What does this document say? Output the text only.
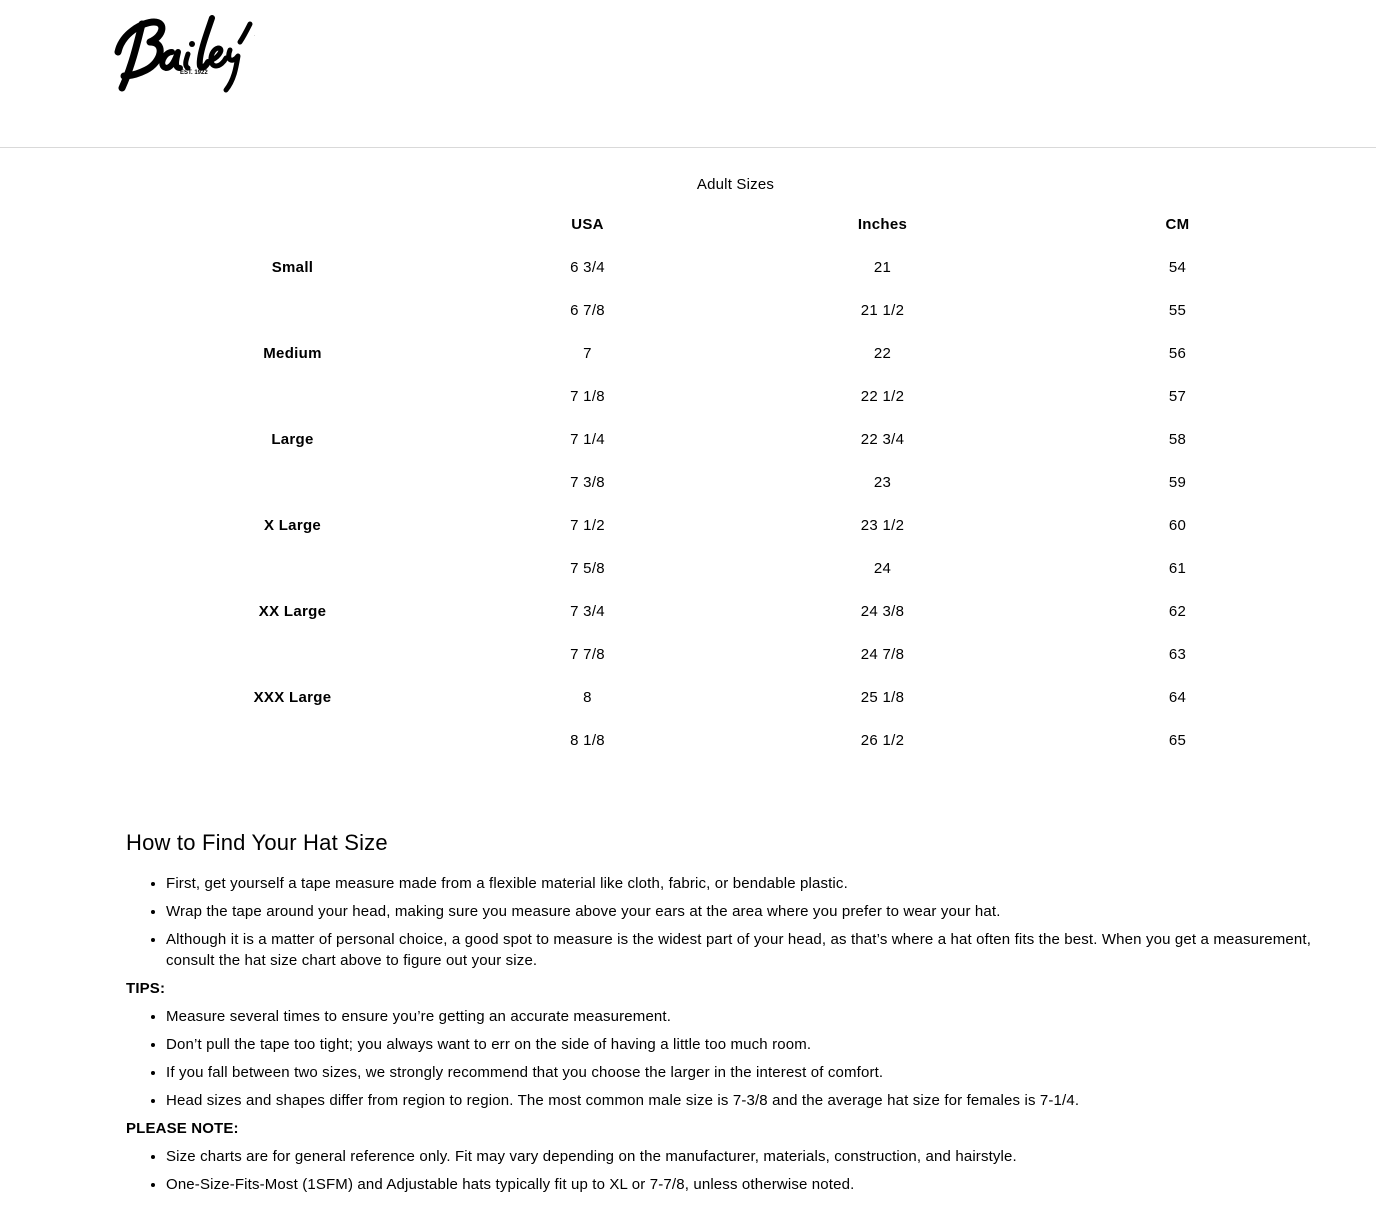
EST. 1922
.
Adult Sizes
	USA	Inches	CM
Small	6 3/4	21	54
	6 7/8	21 1/2	55
Medium	7	22	56
	7 1/8	22 1/2	57
Large	7 1/4	22 3/4	58
	7 3/8	23	59
X Large	7 1/2	23 1/2	60
	7 5/8	24	61
XX Large	7 3/4	24 3/8	62
	7 7/8	24 7/8	63
XXX Large	8	25 1/8	64
	8 1/8	26 1/2	65
How to Find Your Hat Size
• First, get yourself a tape measure made from a flexible material like cloth, fabric, or bendable plastic.
• Wrap the tape around your head, making sure you measure above your ears at the area where you prefer to wear your hat.
• Although it is a matter of personal choice, a good spot to measure is the widest part of your head, as that’s where a hat often fits the best. When you get a measurement, consult the hat size chart above to figure out your size.
TIPS:
• Measure several times to ensure you’re getting an accurate measurement.
• Don’t pull the tape too tight; you always want to err on the side of having a little too much room.
• If you fall between two sizes, we strongly recommend that you choose the larger in the interest of comfort.
• Head sizes and shapes differ from region to region. The most common male size is 7-3/8 and the average hat size for females is 7-1/4.
PLEASE NOTE:
• Size charts are for general reference only. Fit may vary depending on the manufacturer, materials, construction, and hairstyle.
• One-Size-Fits-Most (1SFM) and Adjustable hats typically fit up to XL or 7-7/8, unless otherwise noted.
